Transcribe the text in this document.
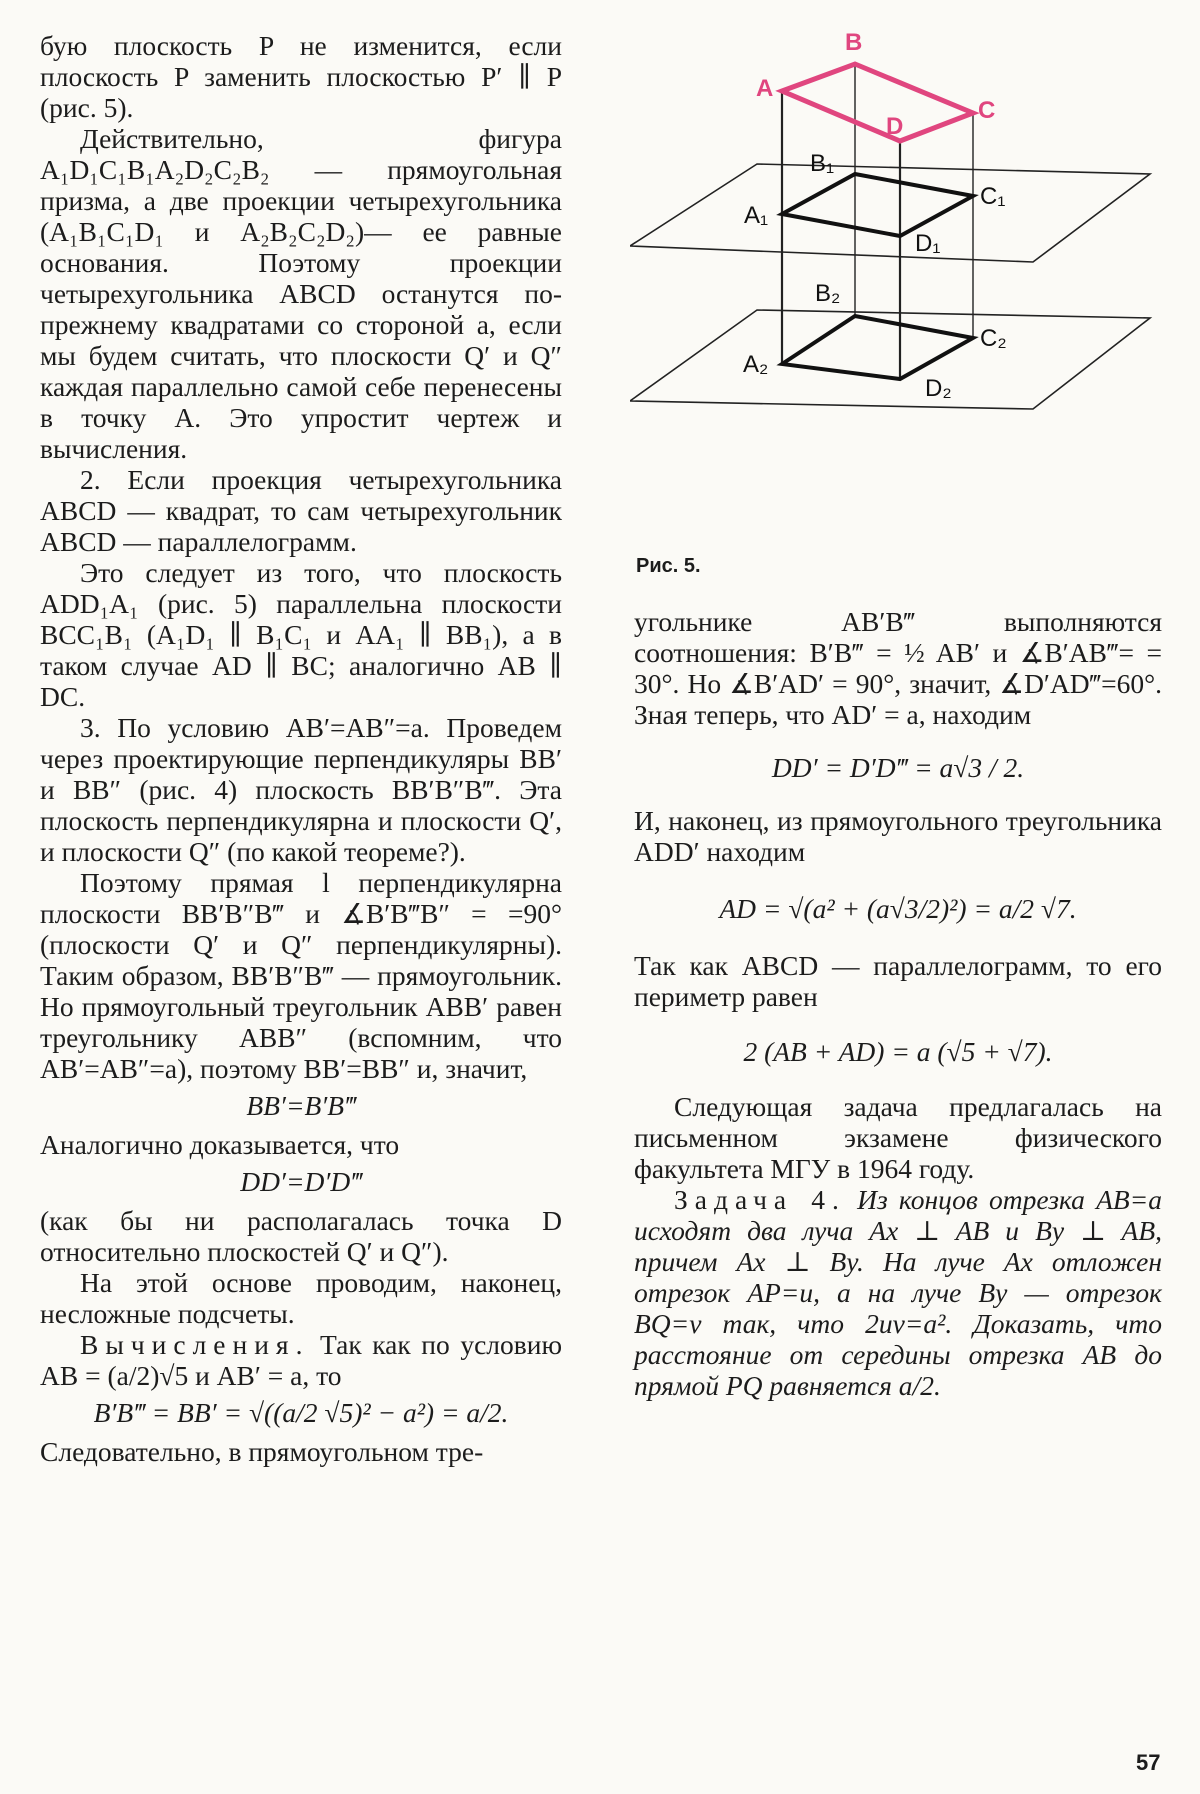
бую плоскость P не изменится, если плоскость P заменить плоскостью P′ ∥ P (рис. 5).

Действительно, фигура A₁D₁C₁B₁A₂D₂C₂B₂ — прямоугольная призма, а две проекции четырехугольника (A₁B₁C₁D₁ и A₂B₂C₂D₂)— ее равные основания. Поэтому проекции четырехугольника ABCD останутся по-прежнему квадратами со стороной a, если мы будем считать, что плоскости Q′ и Q″ каждая параллельно самой себе перенесены в точку A. Это упростит чертеж и вычисления.

2. Если проекция четырехугольника ABCD — квадрат, то сам четырехугольник ABCD — параллелограмм.

Это следует из того, что плоскость ADD₁A₁ (рис. 5) параллельна плоскости BCC₁B₁ (A₁D₁ ∥ B₁C₁ и AA₁ ∥ BB₁), а в таком случае AD ∥ BC; аналогично AB ∥ DC.

3. По условию AB′=AB″=a. Проведем через проектирующие перпендикуляры BB′ и BB″ (рис. 4) плоскость BB′B″B‴. Эта плоскость перпендикулярна и плоскости Q′, и плоскости Q″ (по какой теореме?).

Поэтому прямая l перпендикулярна плоскости BB′B″B‴ и ∡B′B‴B″ = =90° (плоскости Q′ и Q″ перпендикулярны). Таким образом, BB′B″B‴ — прямоугольник. Но прямоугольный треугольник ABB′ равен треугольнику ABB″ (вспомним, что AB′=AB″=a), поэтому BB′=BB″ и, значит,

BB′=B′B‴

Аналогично доказывается, что

DD′=D′D‴

(как бы ни располагалась точка D относительно плоскостей Q′ и Q″).

На этой основе проводим, наконец, несложные подсчеты.

Вычисления. Так как по условию AB = (a/2)√5 и AB′ = a, то

B′B‴ = BB′ = √((a/2 √5)² − a²) = a/2.

Следовательно, в прямоугольном тре-

A
B
C
D
B₁
A₁
C₁
D₁
B₂
A₂
C₂
D₂
Рис. 5.

угольнике AB′B‴ выполняются соотношения: B′B‴ = ½ AB′ и ∡B′AB‴= = 30°. Но ∡B′AD′ = 90°, значит, ∡D′AD‴=60°. Зная теперь, что AD′ = a, находим

DD′ = D′D‴ = a√3 / 2.

И, наконец, из прямоугольного треугольника ADD′ находим

AD = √(a² + (a√3/2)²) = a/2 √7.

Так как ABCD — параллелограмм, то его периметр равен

2 (AB + AD) = a (√5 + √7).

Следующая задача предлагалась на письменном экзамене физического факультета МГУ в 1964 году.

Задача 4. Из концов отрезка AB=a исходят два луча Ax ⊥ AB и By ⊥ AB, причем Ax ⊥ By. На луче Ax отложен отрезок AP=u, а на луче By — отрезок BQ=v так, что 2uv=a². Доказать, что расстояние от середины отрезка AB до прямой PQ равняется a/2.

57
